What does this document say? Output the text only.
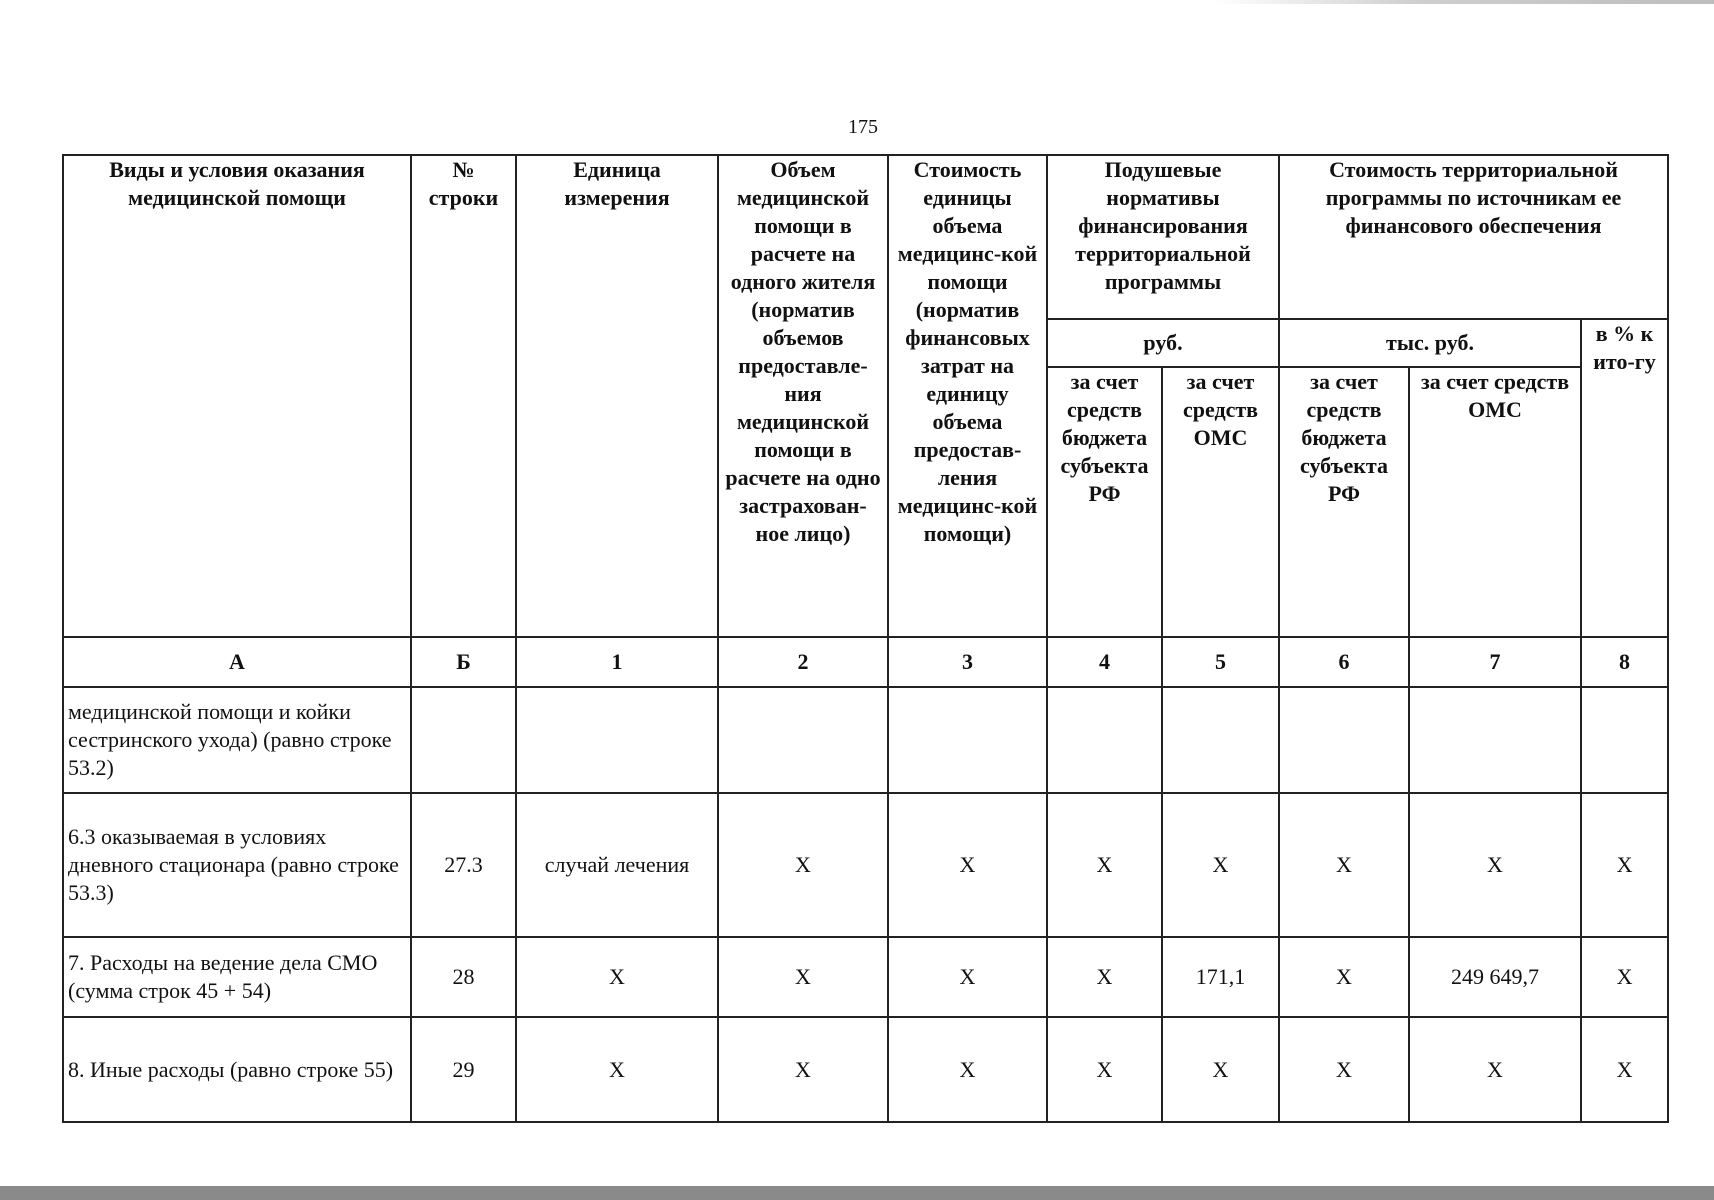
175
Виды и условия оказания медицинской помощи	№ строки	Единица измерения	Объем медицинской помощи в расчете на одного жителя (норматив объемов предоставле-ния медицинской помощи в расчете на одно застрахован-ное лицо)	Стоимость единицы объема медицинс-кой помощи (норматив финансовых затрат на единицу объема предостав-ления медицинс-кой помощи)	Подушевые нормативы финансирования территориальной программы		Стоимость территориальной программы по источникам ее финансового обеспечения		
					руб.		тыс. руб.		в % к ито-гу
					за счет средств бюджета субъекта РФ	за счет средств ОМС	за счет средств бюджета субъекта РФ	за счет средств ОМС	
А	Б	1	2	3	4	5	6	7	8
медицинской помощи и койки сестринского ухода) (равно строке 53.2)									
6.3 оказываемая в условиях дневного стационара (равно строке 53.3)	27.3	случай лечения	Х	Х	Х	Х	Х	Х	Х
7. Расходы на ведение дела СМО (сумма строк 45 + 54)	28	Х	Х	Х	Х	171,1	Х	249 649,7	Х
8. Иные расходы (равно строке 55)	29	Х	Х	Х	Х	Х	Х	Х	Х
